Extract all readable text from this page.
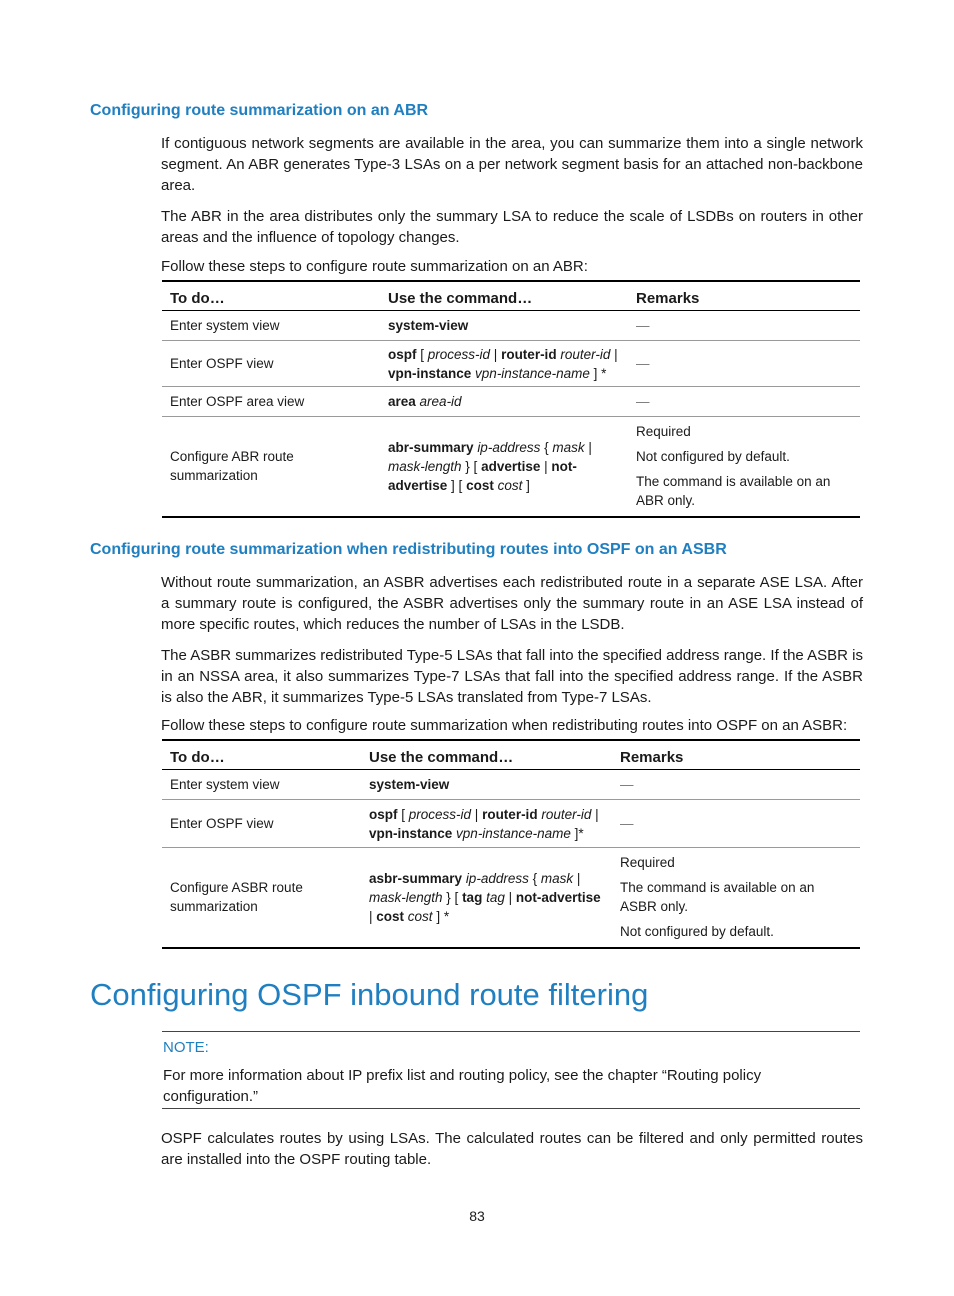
Configuring route summarization on an ABR

If contiguous network segments are available in the area, you can summarize them into a single network segment. An ABR generates Type-3 LSAs on a per network segment basis for an attached non-backbone area.

The ABR in the area distributes only the summary LSA to reduce the scale of LSDBs on routers in other areas and the influence of topology changes.

Follow these steps to configure route summarization on an ABR:

To do…	Use the command…	Remarks
Enter system view	system-view	—
Enter OSPF view	ospf [ process-id | router-id router-id | vpn-instance vpn-instance-name ] *	—
Enter OSPF area view	area area-id	—
Configure ABR route summarization	abr-summary ip-address { mask | mask-length } [ advertise | not-advertise ] [ cost cost ]	Required

Not configured by default.

The command is available on an ABR only.

Configuring route summarization when redistributing routes into OSPF on an ASBR

Without route summarization, an ASBR advertises each redistributed route in a separate ASE LSA. After a summary route is configured, the ASBR advertises only the summary route in an ASE LSA instead of more specific routes, which reduces the number of LSAs in the LSDB.

The ASBR summarizes redistributed Type-5 LSAs that fall into the specified address range. If the ASBR is in an NSSA area, it also summarizes Type-7 LSAs that fall into the specified address range. If the ASBR is also the ABR, it summarizes Type-5 LSAs translated from Type-7 LSAs.

Follow these steps to configure route summarization when redistributing routes into OSPF on an ASBR:

To do…	Use the command…	Remarks
Enter system view	system-view	—
Enter OSPF view	ospf [ process-id | router-id router-id | vpn-instance vpn-instance-name ]*	—
Configure ASBR route summarization	asbr-summary ip-address { mask | mask-length } [ tag tag | not-advertise | cost cost ] *	Required

The command is available on an ASBR only.

Not configured by default.

Configuring OSPF inbound route filtering
NOTE:

For more information about IP prefix list and routing policy, see the chapter “Routing policy configuration.”

OSPF calculates routes by using LSAs. The calculated routes can be filtered and only permitted routes are installed into the OSPF routing table.

83
